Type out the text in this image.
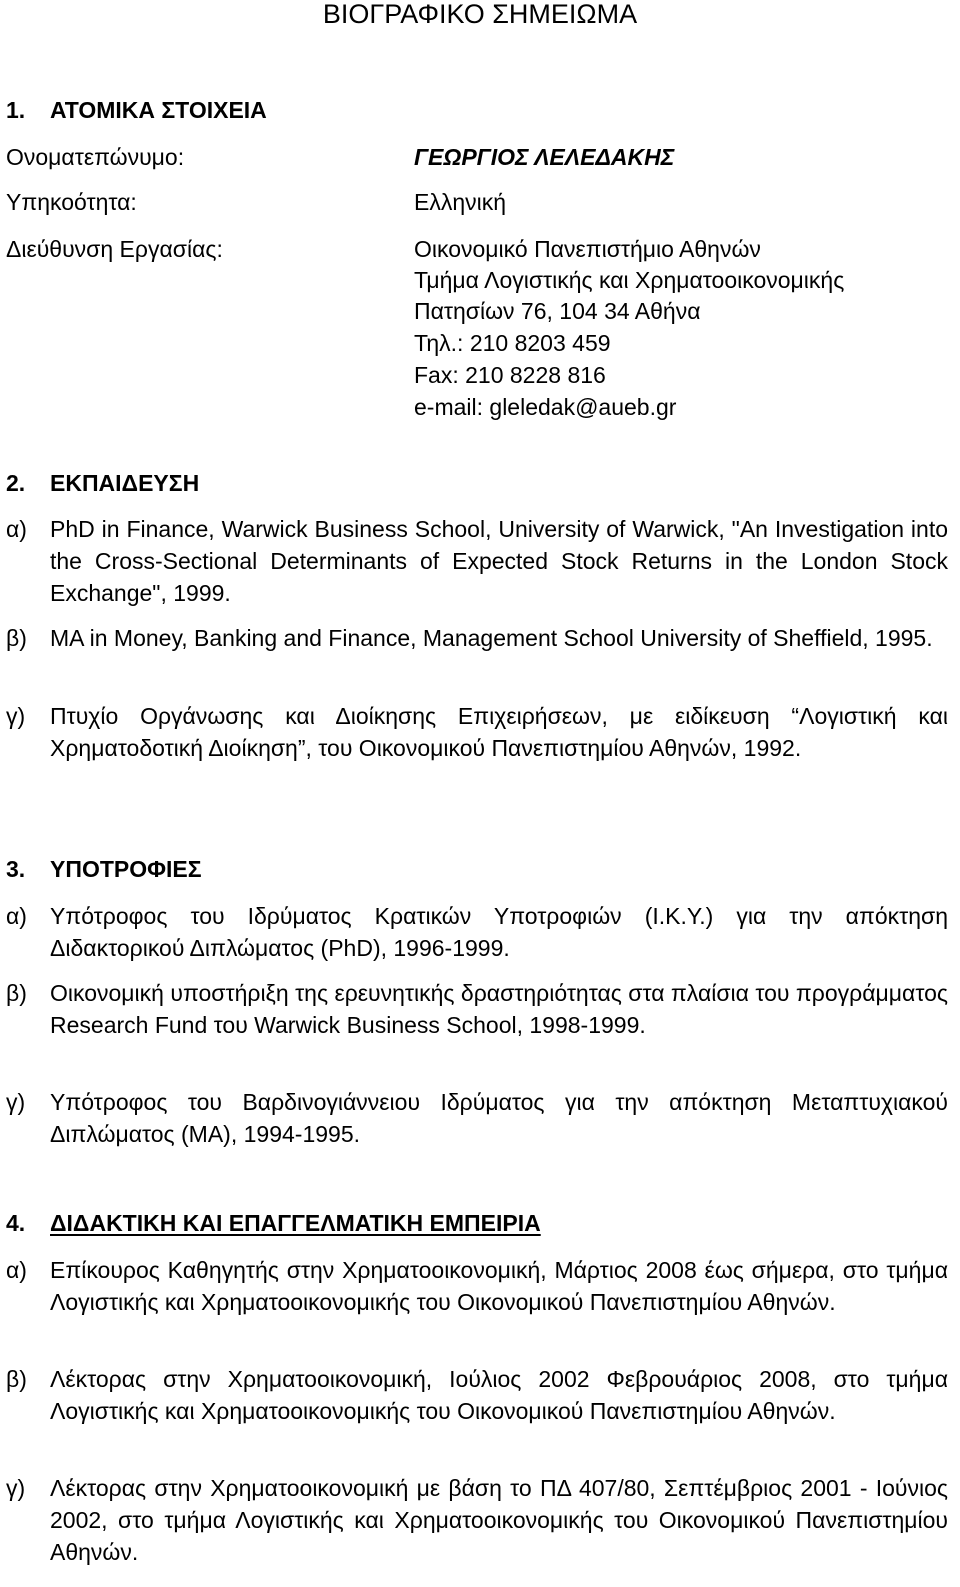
ΒΙΟΓΡΑΦΙΚΟ ΣΗΜΕΙΩΜΑ
1. ΑΤΟΜΙΚΑ ΣΤΟΙΧΕΙΑ
Ονοματεπώνυμο:	ΓΕΩΡΓΙΟΣ ΛΕΛΕΔΑΚΗΣ
Υπηκοότητα:	Ελληνική
Διεύθυνση Εργασίας:	Οικονομικό Πανεπιστήμιο Αθηνών
Τμήμα Λογιστικής και Χρηματοοικονομικής
Πατησίων 76, 104 34 Αθήνα
Τηλ.: 210 8203 459
Fax: 210 8228 816
e-mail: gleledak@aueb.gr
2. ΕΚΠΑΙΔΕΥΣΗ
α) PhD in Finance, Warwick Business School, University of Warwick, "An Investigation into the Cross-Sectional Determinants of Expected Stock Returns in the London Stock Exchange", 1999.
β) MA in Money, Banking and Finance, Management School University of Sheffield, 1995.
γ) Πτυχίο Οργάνωσης και Διοίκησης Επιχειρήσεων, με ειδίκευση “Λογιστική και Χρηματοδοτική Διοίκηση”, του Οικονομικού Πανεπιστημίου Αθηνών, 1992.
3. ΥΠΟΤΡΟΦΙΕΣ
α) Υπότροφος του Ιδρύματος Κρατικών Υποτροφιών (Ι.Κ.Υ.) για την απόκτηση Διδακτορικού Διπλώματος (PhD), 1996-1999.
β) Οικονομική υποστήριξη της ερευνητικής δραστηριότητας στα πλαίσια του προγράμματος Research Fund του Warwick Business School, 1998-1999.
γ) Υπότροφος του Βαρδινογιάννειου Ιδρύματος για την απόκτηση Μεταπτυχιακού Διπλώματος (ΜΑ), 1994-1995.
4. ΔΙΔΑΚΤΙΚΗ ΚΑΙ ΕΠΑΓΓΕΛΜΑΤΙΚΗ ΕΜΠΕΙΡΙΑ
α) Επίκουρος Καθηγητής στην Χρηματοοικονομική, Μάρτιος 2008 έως σήμερα, στο τμήμα Λογιστικής και Χρηματοοικονομικής του Οικονομικού Πανεπιστημίου Αθηνών.
β) Λέκτορας στην Χρηματοοικονομική, Ιούλιος 2002 Φεβρουάριος 2008, στο τμήμα Λογιστικής και Χρηματοοικονομικής του Οικονομικού Πανεπιστημίου Αθηνών.
γ) Λέκτορας στην Χρηματοοικονομική με βάση το ΠΔ 407/80, Σεπτέμβριος 2001 - Ιούνιος 2002, στο τμήμα Λογιστικής και Χρηματοοικονομικής του Οικονομικού Πανεπιστημίου Αθηνών.
